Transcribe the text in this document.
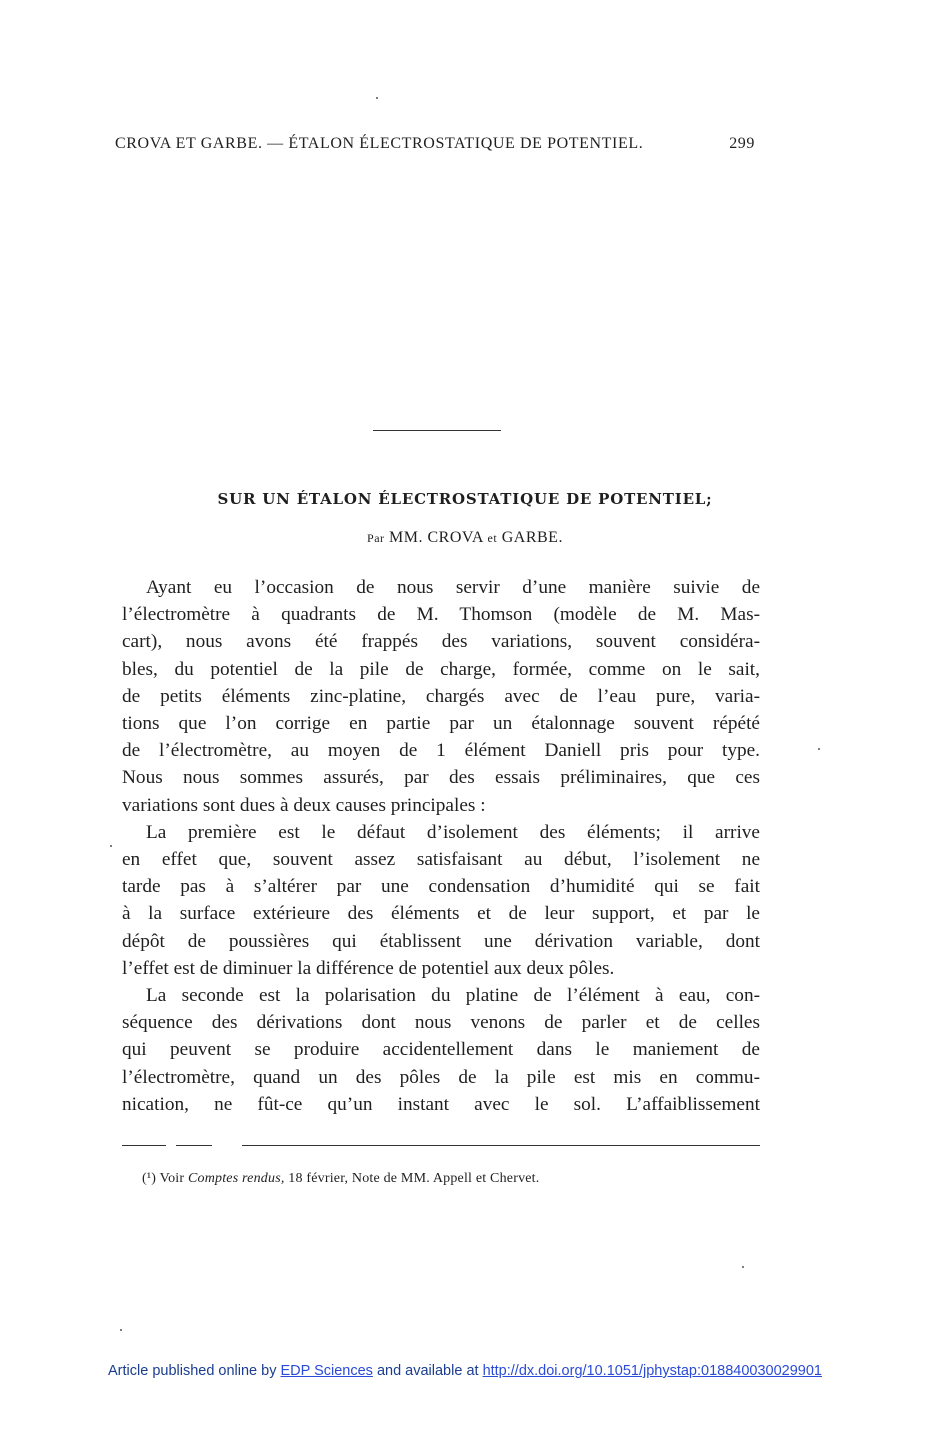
CROVA ET GARBE. — ÉTALON ÉLECTROSTATIQUE DE POTENTIEL.	299
SUR UN ÉTALON ÉLECTROSTATIQUE DE POTENTIEL;
Par MM. CROVA et GARBE.
Ayant eu l’occasion de nous servir d’une manière suivie de
l’électromètre à quadrants de M. Thomson (modèle de M. Mas-
cart), nous avons été frappés des variations, souvent considéra-
bles, du potentiel de la pile de charge, formée, comme on le sait,
de petits éléments zinc-platine, chargés avec de l’eau pure, varia-
tions que l’on corrige en partie par un étalonnage souvent répété
de l’électromètre, au moyen de 1 élément Daniell pris pour type.
Nous nous sommes assurés, par des essais préliminaires, que ces
variations sont dues à deux causes principales :
La première est le défaut d’isolement des éléments; il arrive
en effet que, souvent assez satisfaisant au début, l’isolement ne
tarde pas à s’altérer par une condensation d’humidité qui se fait
à la surface extérieure des éléments et de leur support, et par le
dépôt de poussières qui établissent une dérivation variable, dont
l’effet est de diminuer la différence de potentiel aux deux pôles.
La seconde est la polarisation du platine de l’élément à eau, con-
séquence des dérivations dont nous venons de parler et de celles
qui peuvent se produire accidentellement dans le maniement de
l’électromètre, quand un des pôles de la pile est mis en commu-
nication, ne fût-ce qu’un instant avec le sol. L’affaiblissement
(¹) Voir Comptes rendus, 18 février, Note de MM. Appell et Chervet.
Article published online by EDP Sciences and available at http://dx.doi.org/10.1051/jphystap:018840030029901
